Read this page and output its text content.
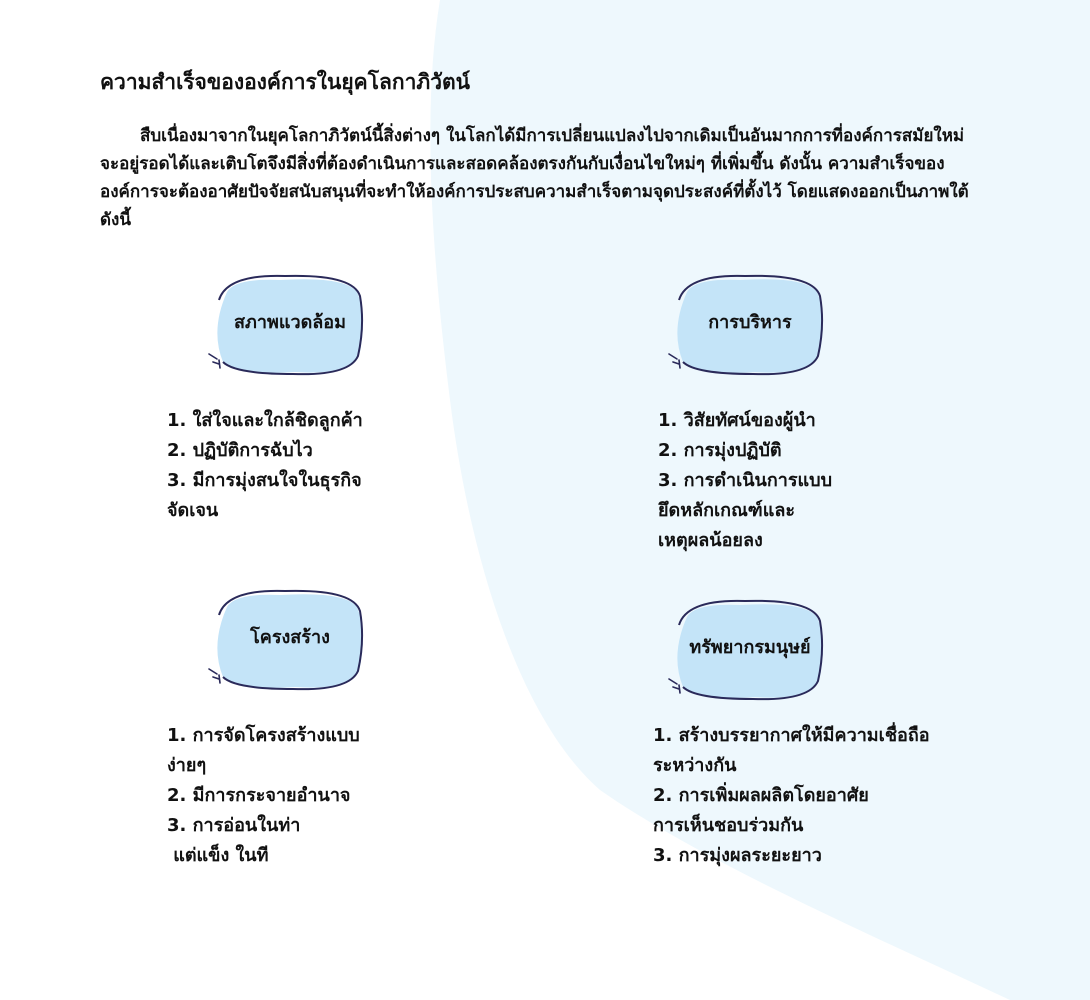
ความสำเร็จขององค์การในยุคโลกาภิวัตน์

สืบเนื่องมาจากในยุคโลกาภิวัตน์นี้สิ่งต่างๆ ในโลกได้มีการเปลี่ยนแปลงไปจากเดิมเป็นอันมากการที่องค์การสมัยใหม่จะอยู่รอดได้และเติบโตจึงมีสิ่งที่ต้องดำเนินการและสอดคล้องตรงกันกับเงื่อนไขใหม่ๆ ที่เพิ่มขึ้น ดังนั้น ความสำเร็จขององค์การจะต้องอาศัยปัจจัยสนับสนุนที่จะทำให้องค์การประสบความสำเร็จตามจุดประสงค์ที่ตั้งไว้ โดยแสดงออกเป็นภาพใต้ดังนี้

สภาพแวดล้อม
1. ใส่ใจและใกล้ชิดลูกค้า
2. ปฏิบัติการฉับไว
3. มีการมุ่งสนใจในธุรกิจ
จัดเจน
การบริหาร
1. วิสัยทัศน์ของผู้นำ
2. การมุ่งปฏิบัติ
3. การดำเนินการแบบ
ยึดหลักเกณฑ์และ
เหตุผลน้อยลง
โครงสร้าง
1. การจัดโครงสร้างแบบ
ง่ายๆ
2. มีการกระจายอำนาจ
3. การอ่อนในท่า
แต่แข็ง ในที
ทรัพยากรมนุษย์
1. สร้างบรรยากาศให้มีความเชื่อถือ
ระหว่างกัน
2. การเพิ่มผลผลิตโดยอาศัย
การเห็นชอบร่วมกัน
3. การมุ่งผลระยะยาว
